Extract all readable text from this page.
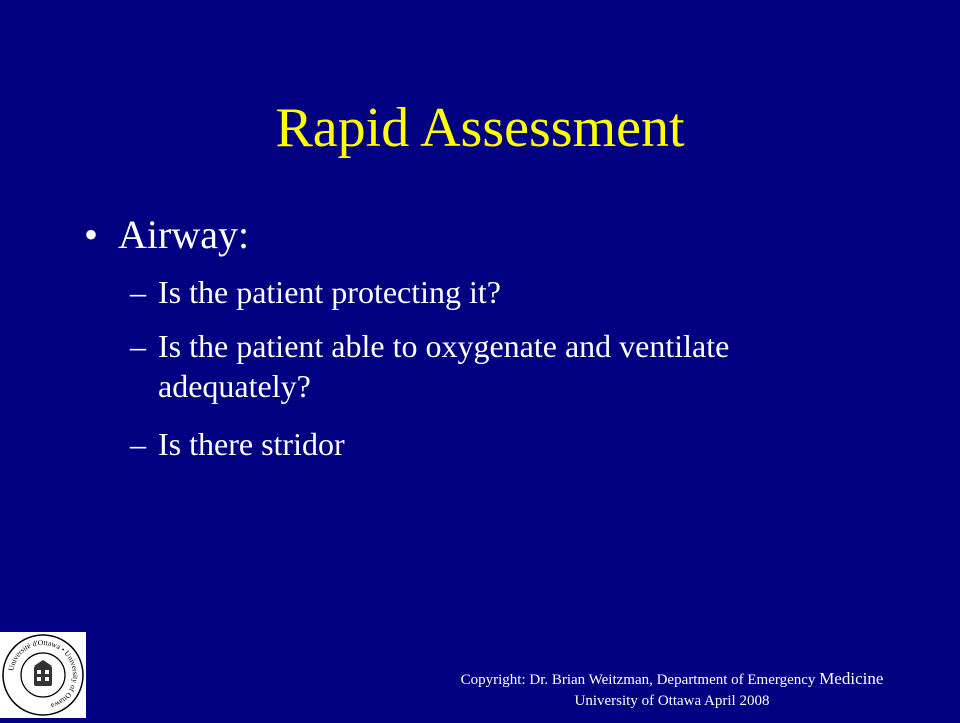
Rapid Assessment
• Airway:
– Is the patient protecting it?
– Is the patient able to oxygenate and ventilate adequately?
– Is there stridor
Université d'Ottawa • University of Ottawa
Copyright: Dr. Brian Weitzman, Department of Emergency Medicine
University of Ottawa April 2008
